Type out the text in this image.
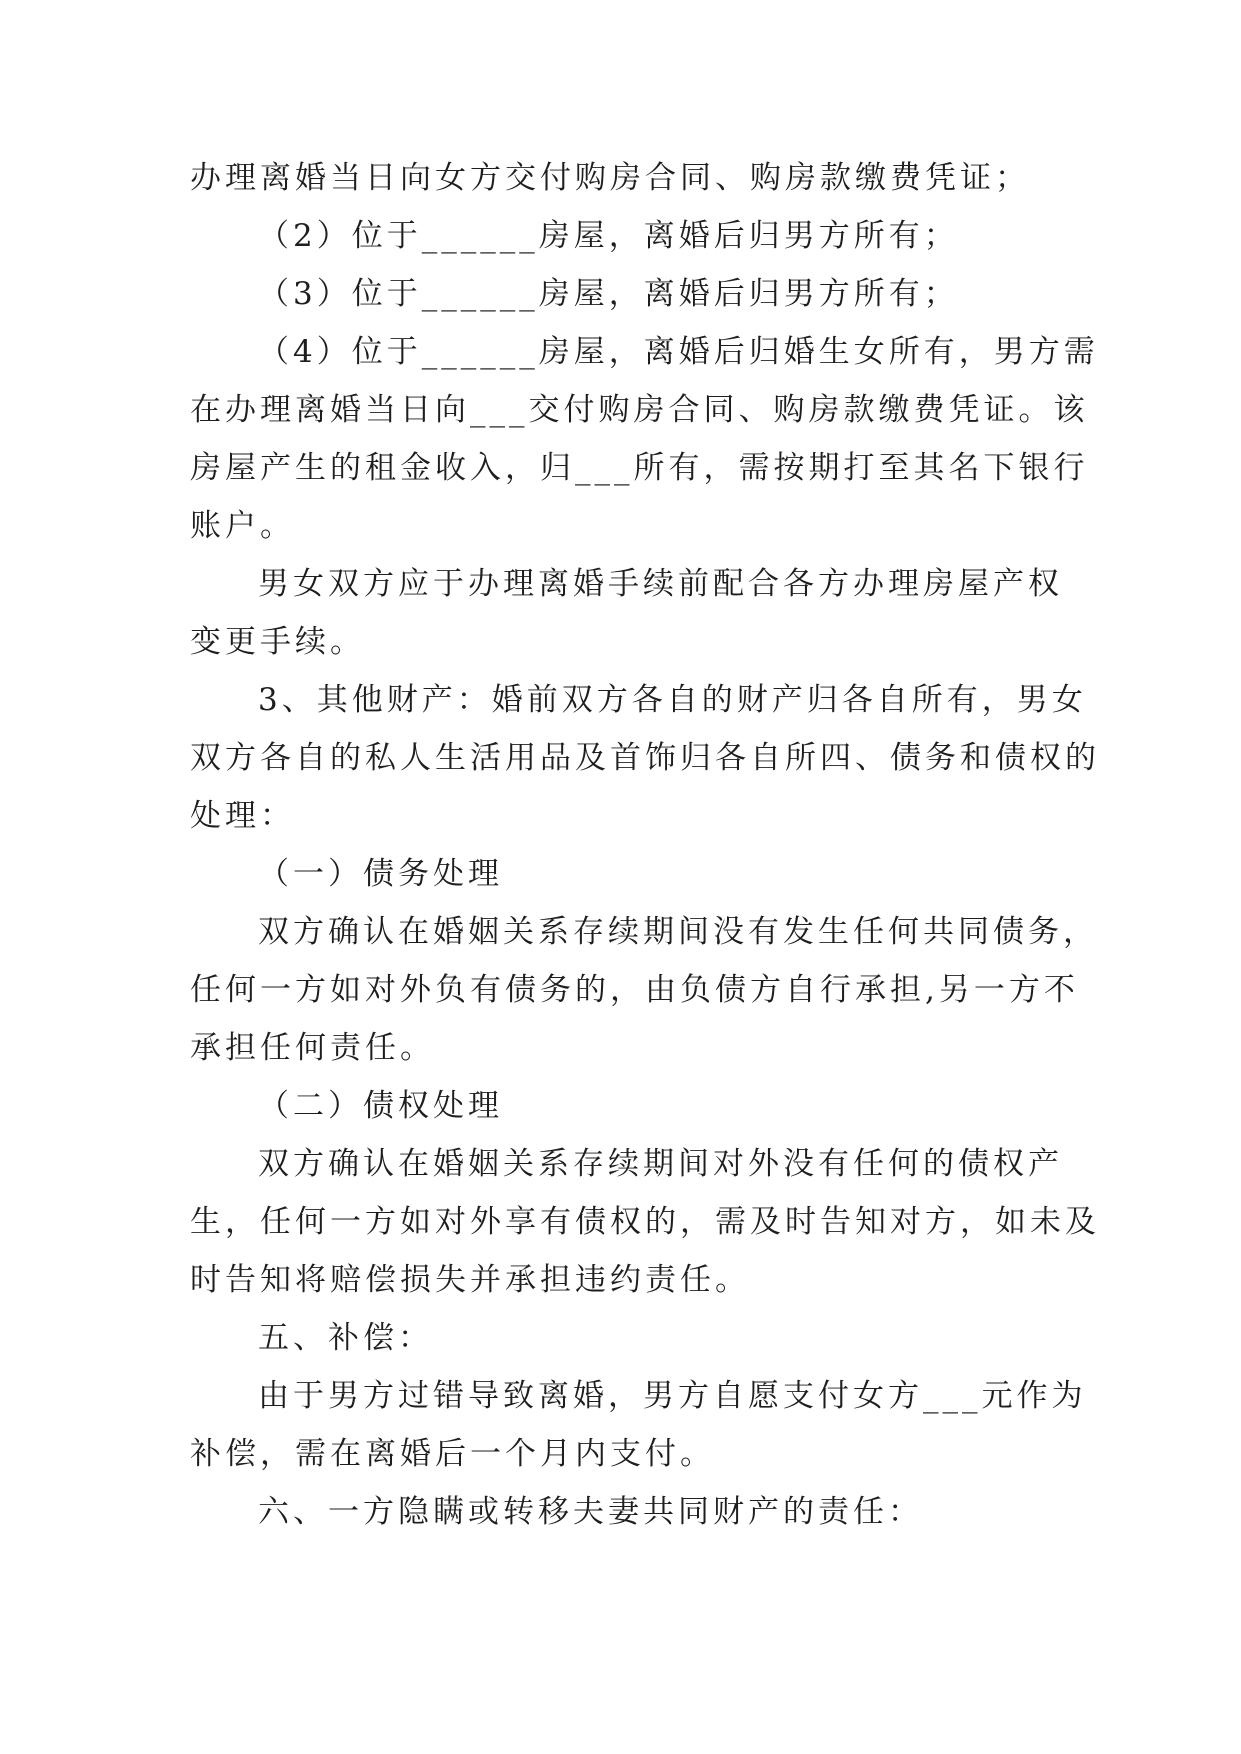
办理离婚当日向女方交付购房合同、购房款缴费凭证；
（2）位于______房屋，离婚后归男方所有；
（3）位于______房屋，离婚后归男方所有；
（4）位于______房屋，离婚后归婚生女所有，男方需
在办理离婚当日向___交付购房合同、购房款缴费凭证。该
房屋产生的租金收入，归___所有，需按期打至其名下银行
账户。
男女双方应于办理离婚手续前配合各方办理房屋产权
变更手续。
3、其他财产：婚前双方各自的财产归各自所有，男女
双方各自的私人生活用品及首饰归各自所四、债务和债权的
处理：
（一）债务处理
双方确认在婚姻关系存续期间没有发生任何共同债务，
任何一方如对外负有债务的，由负债方自行承担,另一方不
承担任何责任。
（二）债权处理
双方确认在婚姻关系存续期间对外没有任何的债权产
生，任何一方如对外享有债权的，需及时告知对方，如未及
时告知将赔偿损失并承担违约责任。
五、补偿：
由于男方过错导致离婚，男方自愿支付女方___元作为
补偿，需在离婚后一个月内支付。
六、一方隐瞒或转移夫妻共同财产的责任：
